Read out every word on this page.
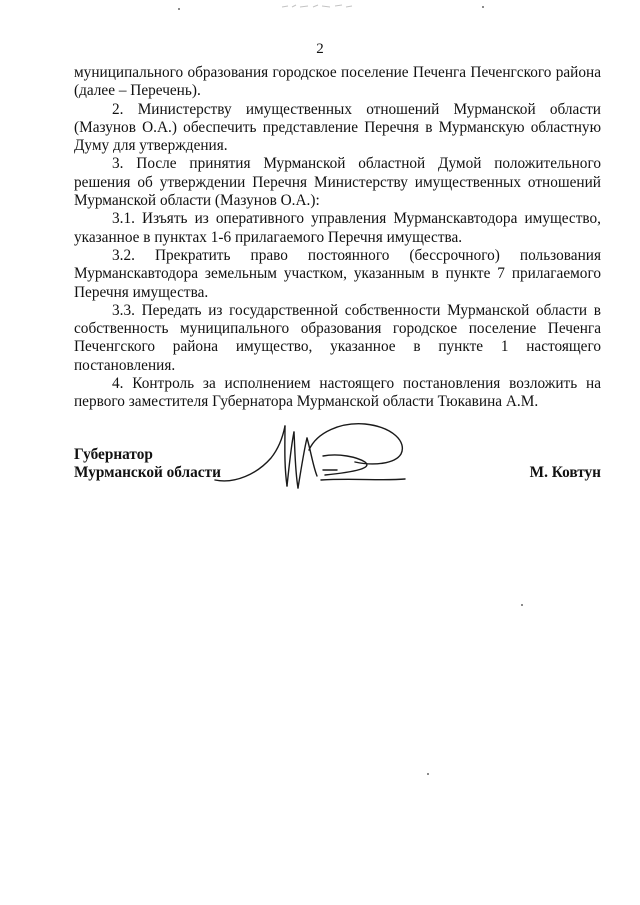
2

муниципального образования городское поселение Печенга Печенгского района (далее – Перечень).

2. Министерству имущественных отношений Мурманской области (Мазунов О.А.) обеспечить представление Перечня в Мурманскую областную Думу для утверждения.

3. После принятия Мурманской областной Думой положительного решения об утверждении Перечня Министерству имущественных отношений Мурманской области (Мазунов О.А.):

3.1. Изъять из оперативного управления Мурманскавтодора имущество, указанное в пунктах 1-6 прилагаемого Перечня имущества.

3.2. Прекратить право постоянного (бессрочного) пользования Мурманскавтодора земельным участком, указанным в пункте 7 прилагаемого Перечня имущества.

3.3. Передать из государственной собственности Мурманской области в собственность муниципального образования городское поселение Печенга Печенгского района имущество, указанное в пункте 1 настоящего постановления.

4. Контроль за исполнением настоящего постановления возложить на первого заместителя Губернатора Мурманской области Тюкавина А.М.

Губернатор
Мурманской области	М. Ковтун
